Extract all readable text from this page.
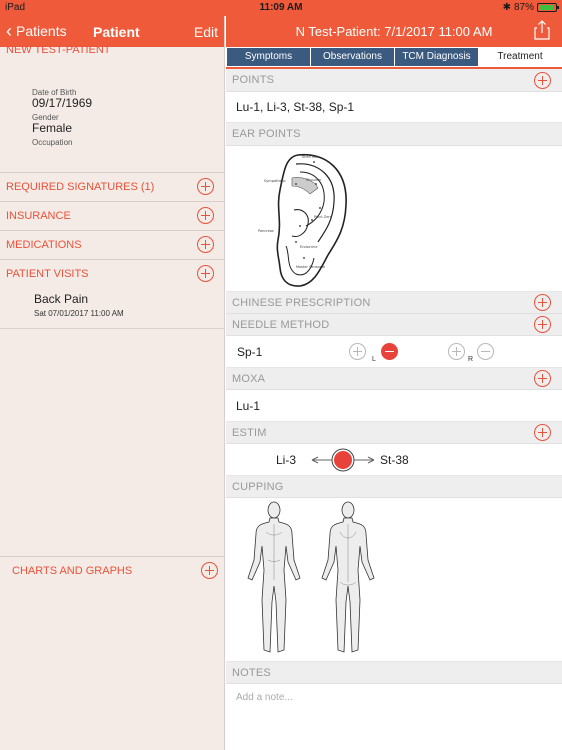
iPad	11:09 AM	✱ 87%
‹ Patients Patient	Edit
NEW TEST-PATIENT
Date of Birth
09/17/1969
Gender
Female
Occupation
REQUIRED SIGNATURES (1)
INSURANCE
MEDICATIONS
PATIENT VISITS
Back Pain
Sat 07/01/2017 11:00 AM
CHARTS AND GRAPHS
N Test-Patient: 7/1/2017 11:00 AM
Symptoms	Observations	TCM Diagnosis	Treatment
POINTS
Lu-1, Li-3, St-38, Sp-1
EAR POINTS
Shen Men
Sympathetic	Shoulder
Point Zero
Pancreas
Endocrine
Master Sensorial
CHINESE PRESCRIPTION
NEEDLE METHOD
Sp-1
L	R
MOXA
Lu-1
ESTIM
Li-3	St-38
CUPPING
NOTES
Add a note...
